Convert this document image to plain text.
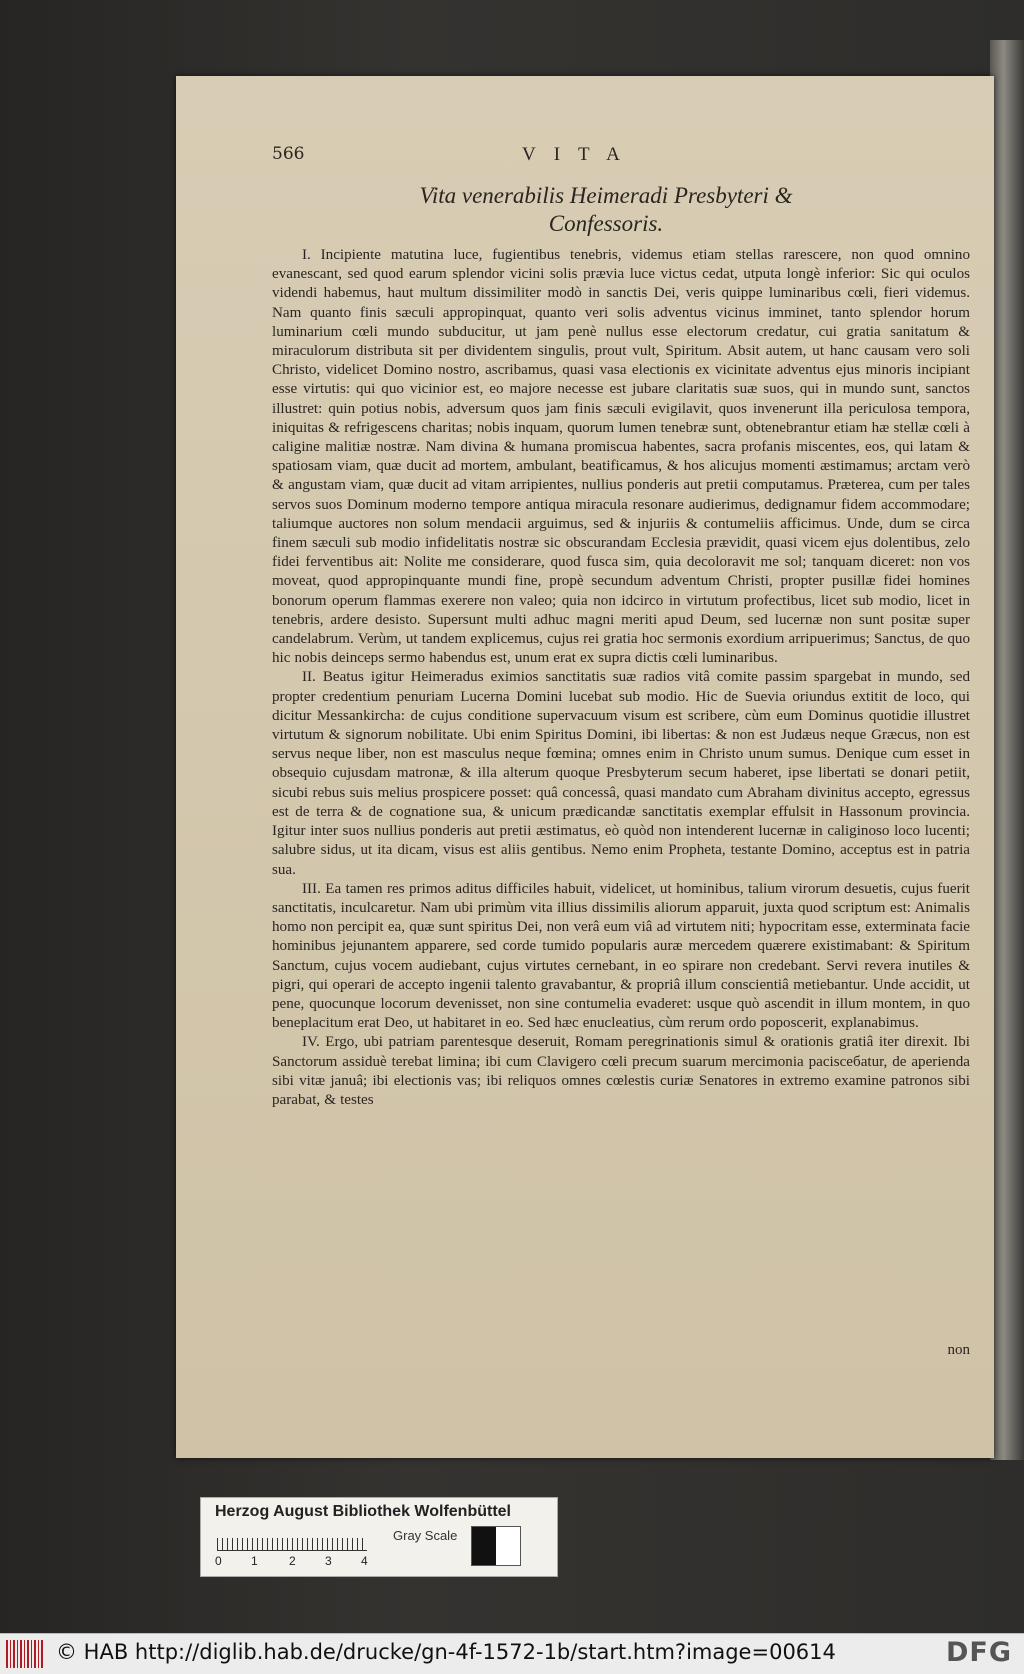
566	VITA
Vita venerabilis Heimeradi Presbyteri &
Confessoris.

I. Incipiente matutina luce, fugientibus tenebris, videmus etiam stellas rarescere, non quod omnino evanescant, sed quod earum splendor vicini solis prævia luce victus cedat, utputa longè inferior: Sic qui oculos videndi habemus, haut multum dissimiliter modò in sanctis Dei, veris quippe luminaribus cœli, fieri videmus. Nam quanto finis sæculi appropinquat, quanto veri solis adventus vicinus imminet, tanto splendor horum luminarium cœli mundo subducitur, ut jam penè nullus esse electorum credatur, cui gratia sanitatum & miraculorum distributa sit per dividentem singulis, prout vult, Spiritum. Absit autem, ut hanc causam vero soli Christo, videlicet Domino nostro, ascribamus, quasi vasa electionis ex vicinitate adventus ejus minoris incipiant esse virtutis: qui quo vicinior est, eo majore necesse est jubare claritatis suæ suos, qui in mundo sunt, sanctos illustret: quin potius nobis, adversum quos jam finis sæculi evigilavit, quos invenerunt illa periculosa tempora, iniquitas & refrigescens charitas; nobis inquam, quorum lumen tenebræ sunt, obtenebrantur etiam hæ stellæ cœli à caligine malitiæ nostræ. Nam divina & humana promiscua habentes, sacra profanis miscentes, eos, qui latam & spatiosam viam, quæ ducit ad mortem, ambulant, beatificamus, & hos alicujus momenti æstimamus; arctam verò & angustam viam, quæ ducit ad vitam arripientes, nullius ponderis aut pretii computamus. Præterea, cum per tales servos suos Dominum moderno tempore antiqua miracula resonare audierimus, dedignamur fidem accommodare; taliumque auctores non solum mendacii arguimus, sed & injuriis & contumeliis afficimus. Unde, dum se circa finem sæculi sub modio infidelitatis nostræ sic obscurandam Ecclesia prævidit, quasi vicem ejus dolentibus, zelo fidei ferventibus ait: Nolite me considerare, quod fusca sim, quia decoloravit me sol; tanquam diceret: non vos moveat, quod appropinquante mundi fine, propè secundum adventum Christi, propter pusillæ fidei homines bonorum operum flammas exerere non valeo; quia non idcirco in virtutum profectibus, licet sub modio, licet in tenebris, ardere desisto. Supersunt multi adhuc magni meriti apud Deum, sed lucernæ non sunt positæ super candelabrum. Verùm, ut tandem explicemus, cujus rei gratia hoc sermonis exordium arripuerimus; Sanctus, de quo hic nobis deinceps sermo habendus est, unum erat ex supra dictis cœli luminaribus.

II. Beatus igitur Heimeradus eximios sanctitatis suæ radios vitâ comite passim spargebat in mundo, sed propter credentium penuriam Lucerna Domini lucebat sub modio. Hic de Suevia oriundus extitit de loco, qui dicitur Messankircha: de cujus conditione supervacuum visum est scribere, cùm eum Dominus quotidie illustret virtutum & signorum nobilitate. Ubi enim Spiritus Domini, ibi libertas: & non est Judæus neque Græcus, non est servus neque liber, non est masculus neque fœmina; omnes enim in Christo unum sumus. Denique cum esset in obsequio cujusdam matronæ, & illa alterum quoque Presbyterum secum haberet, ipse libertati se donari petiit, sicubi rebus suis melius prospicere posset: quâ concessâ, quasi mandato cum Abraham divinitus accepto, egressus est de terra & de cognatione sua, & unicum prædicandæ sanctitatis exemplar effulsit in Hassonum provincia. Igitur inter suos nullius ponderis aut pretii æstimatus, eò quòd non intenderent lucernæ in caliginoso loco lucenti; salubre sidus, ut ita dicam, visus est aliis gentibus. Nemo enim Propheta, testante Domino, acceptus est in patria sua.

III. Ea tamen res primos aditus difficiles habuit, videlicet, ut hominibus, talium virorum desuetis, cujus fuerit sanctitatis, inculcaretur. Nam ubi primùm vita illius dissimilis aliorum apparuit, juxta quod scriptum est: Animalis homo non percipit ea, quæ sunt spiritus Dei, non verâ eum viâ ad virtutem niti; hypocritam esse, exterminata facie hominibus jejunantem apparere, sed corde tumido popularis auræ mercedem quærere existimabant: & Spiritum Sanctum, cujus vocem audiebant, cujus virtutes cernebant, in eo spirare non credebant. Servi revera inutiles & pigri, qui operari de accepto ingenii talento gravabantur, & propriâ illum conscientiâ metiebantur. Unde accidit, ut pene, quocunque locorum devenisset, non sine contumelia evaderet: usque quò ascendit in illum montem, in quo beneplacitum erat Deo, ut habitaret in eo. Sed hæc enucleatius, cùm rerum ordo poposcerit, explanabimus.

IV. Ergo, ubi patriam parentesque deseruit, Romam peregrinationis simul & orationis gratiâ iter direxit. Ibi Sanctorum assiduè terebat limina; ibi cum Clavigero cœli precum suarum mercimonia pacisceбatur, de aperienda sibi vitæ januâ; ibi electionis vas; ibi reliquos omnes cœlestis curiæ Senatores in extremo examine patronos sibi parabat, & testes

non
Herzog August Bibliothek Wolfenbüttel
0 1	2 3 4
Gray Scale
© HAB http://diglib.hab.de/drucke/gn-4f-1572-1b/start.htm?image=00614	DFG
